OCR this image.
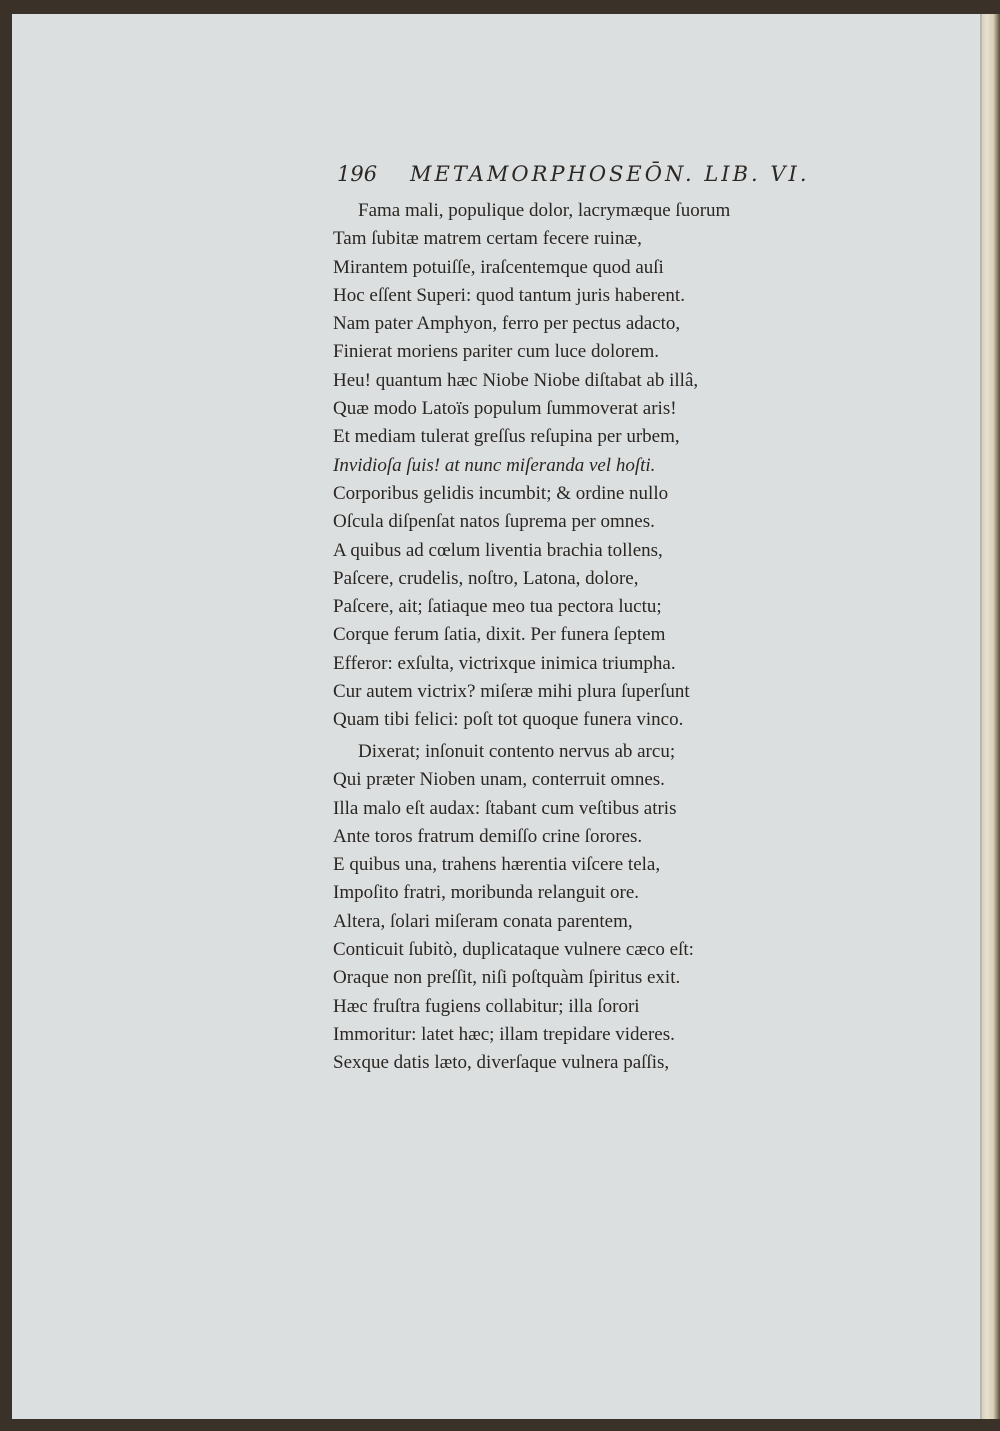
196 METAMORPHOSEŌN. LIB. VI.
Fama mali, populique dolor, lacrymæque ſuorum
Tam ſubitæ matrem certam fecere ruinæ,
Mirantem potuiſſe, iraſcentemque quod auſi
Hoc eſſent Superi: quod tantum juris haberent.
Nam pater Amphyon, ferro per pectus adacto,
Finierat moriens pariter cum luce dolorem.
Heu! quantum hæc Niobe Niobe diſtabat ab illâ,
Quæ modo Latoïs populum ſummoverat aris!
Et mediam tulerat greſſus reſupina per urbem,
Invidioſa ſuis! at nunc miſeranda vel hoſti.
Corporibus gelidis incumbit; & ordine nullo
Oſcula diſpenſat natos ſuprema per omnes.
A quibus ad cœlum liventia brachia tollens,
Paſcere, crudelis, noſtro, Latona, dolore,
Paſcere, ait; ſatiaque meo tua pectora luctu;
Corque ferum ſatia, dixit. Per funera ſeptem
Efferor: exſulta, victrixque inimica triumpha.
Cur autem victrix? miſeræ mihi plura ſuperſunt
Quam tibi felici: poſt tot quoque funera vinco.
Dixerat; inſonuit contento nervus ab arcu;
Qui præter Nioben unam, conterruit omnes.
Illa malo eſt audax: ſtabant cum veſtibus atris
Ante toros fratrum demiſſo crine ſorores.
E quibus una, trahens hærentia viſcere tela,
Impoſito fratri, moribunda relanguit ore.
Altera, ſolari miſeram conata parentem,
Conticuit ſubitò, duplicataque vulnere cæco eſt:
Oraque non preſſit, niſi poſtquàm ſpiritus exit.
Hæc fruſtra fugiens collabitur; illa ſorori
Immoritur: latet hæc; illam trepidare videres.
Sexque datis læto, diverſaque vulnera paſſis,
